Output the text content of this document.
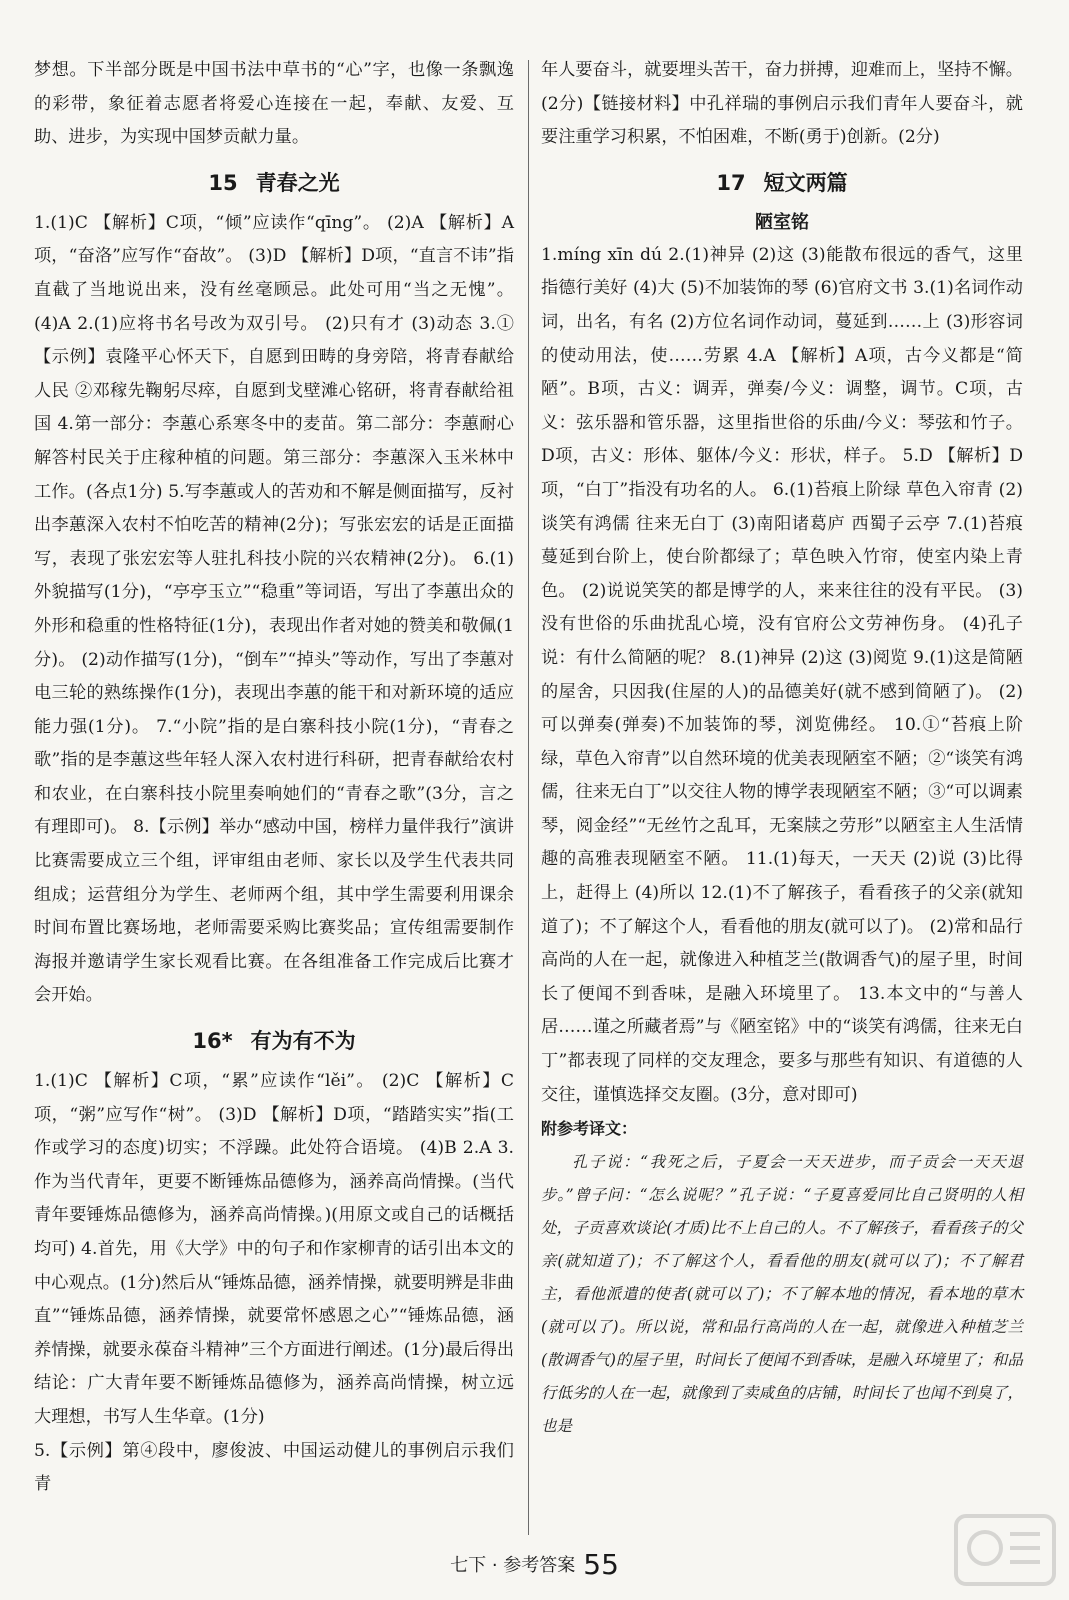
梦想。下半部分既是中国书法中草书的“心”字，也像一条飘逸的彩带，象征着志愿者将爱心连接在一起，奉献、友爱、互助、进步，为实现中国梦贡献力量。

15 青春之光

1.(1)C 【解析】C项，“倾”应读作“qīng”。 (2)A 【解析】A项，“奋洛”应写作“奋故”。 (3)D 【解析】D项，“直言不讳”指直截了当地说出来，没有丝毫顾忌。此处可用“当之无愧”。 (4)A 2.(1)应将书名号改为双引号。 (2)只有才 (3)动态 3.①【示例】袁隆平心怀天下，自愿到田畴的身旁陪，将青春献给人民 ②邓稼先鞠躬尽瘁，自愿到戈壁滩心铭研，将青春献给祖国 4.第一部分：李蕙心系寒冬中的麦苗。第二部分：李蕙耐心解答村民关于庄稼种植的问题。第三部分：李蕙深入玉米林中工作。(各点1分) 5.写李蕙或人的苦劝和不解是侧面描写，反衬出李蕙深入农村不怕吃苦的精神(2分)；写张宏宏的话是正面描写，表现了张宏宏等人驻扎科技小院的兴农精神(2分)。 6.(1)外貌描写(1分)，“亭亭玉立”“稳重”等词语，写出了李蕙出众的外形和稳重的性格特征(1分)，表现出作者对她的赞美和敬佩(1分)。 (2)动作描写(1分)，“倒车”“掉头”等动作，写出了李蕙对电三轮的熟练操作(1分)，表现出李蕙的能干和对新环境的适应能力强(1分)。 7.“小院”指的是白寨科技小院(1分)，“青春之歌”指的是李蕙这些年轻人深入农村进行科研，把青春献给农村和农业，在白寨科技小院里奏响她们的“青春之歌”(3分，言之有理即可)。 8.【示例】举办“感动中国，榜样力量伴我行”演讲比赛需要成立三个组，评审组由老师、家长以及学生代表共同组成；运营组分为学生、老师两个组，其中学生需要利用课余时间布置比赛场地，老师需要采购比赛奖品；宣传组需要制作海报并邀请学生家长观看比赛。在各组准备工作完成后比赛才会开始。

16* 有为有不为

1.(1)C 【解析】C项，“累”应读作“lěi”。 (2)C 【解析】C项，“粥”应写作“树”。 (3)D 【解析】D项，“踏踏实实”指(工作或学习的态度)切实；不浮躁。此处符合语境。 (4)B 2.A 3.作为当代青年，更要不断锤炼品德修为，涵养高尚情操。(当代青年要锤炼品德修为，涵养高尚情操。)(用原文或自己的话概括均可) 4.首先，用《大学》中的句子和作家柳青的话引出本文的中心观点。(1分)然后从“锤炼品德，涵养情操，就要明辨是非曲直”“锤炼品德，涵养情操，就要常怀感恩之心”“锤炼品德，涵养情操，就要永葆奋斗精神”三个方面进行阐述。(1分)最后得出结论：广大青年要不断锤炼品德修为，涵养高尚情操，树立远大理想，书写人生华章。(1分)

5.【示例】第④段中，廖俊波、中国运动健儿的事例启示我们青

年人要奋斗，就要埋头苦干，奋力拼搏，迎难而上，坚持不懈。(2分)【链接材料】中孔祥瑞的事例启示我们青年人要奋斗，就要注重学习积累，不怕困难，不断(勇于)创新。(2分)

17 短文两篇
陋室铭

1.míng xīn dú 2.(1)神异 (2)这 (3)能散布很远的香气，这里指德行美好 (4)大 (5)不加装饰的琴 (6)官府文书 3.(1)名词作动词，出名，有名 (2)方位名词作动词，蔓延到……上 (3)形容词的使动用法，使……劳累 4.A 【解析】A项，古今义都是“简陋”。B项，古义：调弄，弹奏/今义：调整，调节。C项，古义：弦乐器和管乐器，这里指世俗的乐曲/今义：琴弦和竹子。D项，古义：形体、躯体/今义：形状，样子。 5.D 【解析】D项，“白丁”指没有功名的人。 6.(1)苔痕上阶绿 草色入帘青 (2)谈笑有鸿儒 往来无白丁 (3)南阳诸葛庐 西蜀子云亭 7.(1)苔痕蔓延到台阶上，使台阶都绿了；草色映入竹帘，使室内染上青色。 (2)说说笑笑的都是博学的人，来来往往的没有平民。 (3)没有世俗的乐曲扰乱心境，没有官府公文劳神伤身。 (4)孔子说：有什么简陋的呢？ 8.(1)神异 (2)这 (3)阅览 9.(1)这是简陋的屋舍，只因我(住屋的人)的品德美好(就不感到简陋了)。 (2)可以弹奏(弹奏)不加装饰的琴，浏览佛经。 10.①“苔痕上阶绿，草色入帘青”以自然环境的优美表现陋室不陋；②“谈笑有鸿儒，往来无白丁”以交往人物的博学表现陋室不陋；③“可以调素琴，阅金经”“无丝竹之乱耳，无案牍之劳形”以陋室主人生活情趣的高雅表现陋室不陋。 11.(1)每天，一天天 (2)说 (3)比得上，赶得上 (4)所以 12.(1)不了解孩子，看看孩子的父亲(就知道了)；不了解这个人，看看他的朋友(就可以了)。 (2)常和品行高尚的人在一起，就像进入种植芝兰(散调香气)的屋子里，时间长了便闻不到香味，是融入环境里了。 13.本文中的“与善人居……谨之所藏者焉”与《陋室铭》中的“谈笑有鸿儒，往来无白丁”都表现了同样的交友理念，要多与那些有知识、有道德的人交往，谨慎选择交友圈。(3分，意对即可)

附参考译文：

孔子说：“我死之后，子夏会一天天进步，而子贡会一天天退步。”曾子问：“怎么说呢？”孔子说：“子夏喜爱同比自己贤明的人相处，子贡喜欢谈论(才质)比不上自己的人。不了解孩子，看看孩子的父亲(就知道了)；不了解这个人，看看他的朋友(就可以了)；不了解君主，看他派遣的使者(就可以了)；不了解本地的情况，看本地的草木(就可以了)。所以说，常和品行高尚的人在一起，就像进入种植芝兰(散调香气)的屋子里，时间长了便闻不到香味，是融入环境里了；和品行低劣的人在一起，就像到了卖咸鱼的店铺，时间长了也闻不到臭了，也是

七下 · 参考答案 55
